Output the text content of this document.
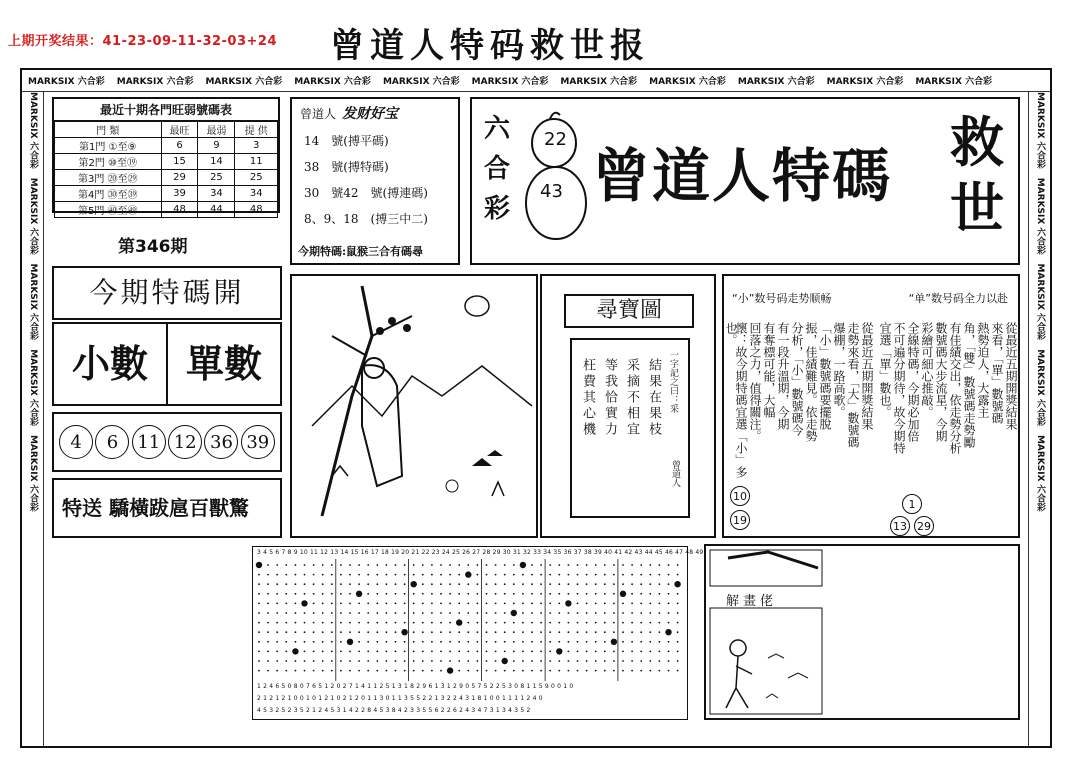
上期开奖结果：41-23-09-11-32-03+24 曾道人特码救世报
MARKSIX 六合彩 MARKSIX 六合彩 MARKSIX 六合彩 MARKSIX 六合彩 MARKSIX 六合彩 MARKSIX 六合彩 MARKSIX 六合彩 MARKSIX 六合彩 MARKSIX 六合彩 MARKSIX 六合彩 MARKSIX 六合彩
MARKSIX 六合彩　MARKSIX 六合彩　MARKSIX 六合彩　MARKSIX 六合彩　MARKSIX 六合彩
MARKSIX 六合彩　MARKSIX 六合彩　MARKSIX 六合彩　MARKSIX 六合彩　MARKSIX 六合彩
最近十期各門旺弱號碼表
門 類	最旺	最弱	提 供
第1門 ①至⑨	6	9	3
第2門 ⑩至⑲	15	14	11
第3門 ⑳至㉙	29	25	25
第4門 ㉚至㊴	39	34	34
第5門 ㊵至㊾	48	44	48
第346期
曾道人 发财好宝
14　號(搏平碼)
38　號(搏特碼)
30　號42　號(搏連碼)
8、9、18　(搏三中二)
今期特碼:鼠猴三合有碼尋
六合彩
22
43 曾道人特碼 救世
今期特碼開
小數 單數
4	6	11 12 36 39
特送 驕橫跋扈百獸驚
尋寶圖
一字記之曰：采
結果在果枝
采摘不相宜
等我恰實力
枉費其心機
曾道人
“小”数号码走势顺畅	“单”数号码全力以赴
從最近五期開獎結果
來看，「單」數號碼
熱勢迫人，大露主
角，「雙」數號碼走勢勵
有佳績交出，依走勢分析
數號碼大步流星，今期
彩繪可細心推敲。
全線特碼，今期必加倍
不可遍分期待，故今期特
宜選「單」數也。
從最近五期開獎結果
走勢來看，「大」數號碼
爆棚，一路高歌。
「小」數號碼要擺脫
振，佳績難見。依走勢
分析，「小」數號碼今
有一段升溫期，今期
有奪標可能，大幅
回落之力，值得關注。
懷：故今期特碼宜選「小」多
也。
10
19
1
13 29
3 4 5 6 7 8 9 10 11 12 13 14 15 16 17 18 19 20 21 22 23 24 25 26 27 28 29 30 31 32 33 34 35 36 37 38 39 40 41 42 43 44 45 46 47 48 49
1 2 4 6 5 0 8 0 7 6 5 1 2 0 2 7 1 4 1 1 2 5 1 3 1 8 2 9 6 1 3 1 2 9 0 5 7 5 2 2 5 3 0 8 1 1 5 9 0 0 1 0
2 1 2 1 2 1 0 0 1 0 1 2 1 0 2 1 2 0 1 1 3 0 1 1 3 5 5 2 2 1 3 2 2 4 3 1 8 1 0 0 1 1 1 1 2 4 0
4 5 3 2 5 2 3 5 2 1 2 4 5 3 1 4 2 2 8 4 5 3 8 4 2 3 3 5 5 6 2 2 6 2 4 3 4 7 3 1 3 4 3 5 2
解畫佬
